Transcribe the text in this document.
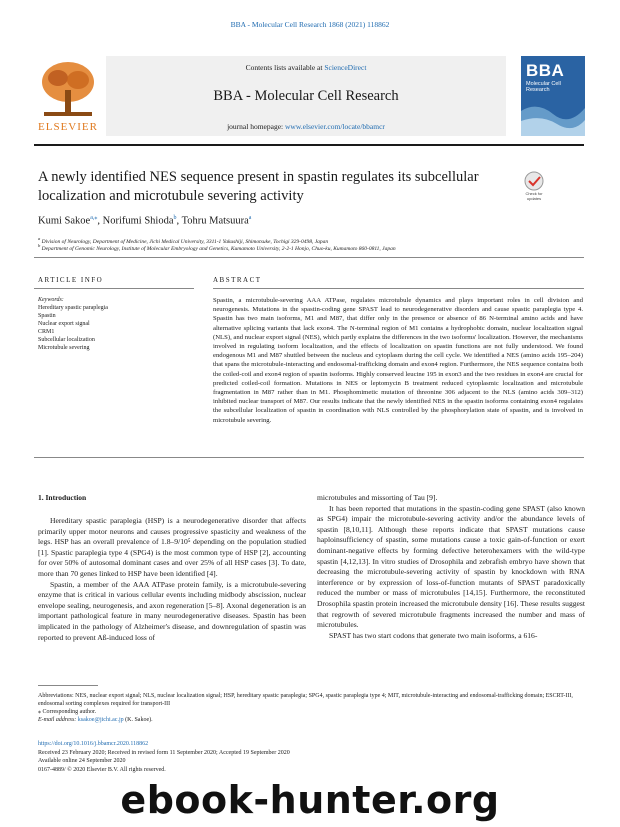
BBA - Molecular Cell Research 1868 (2021) 118862
ELSEVIER
Contents lists available at ScienceDirect
BBA - Molecular Cell Research
journal homepage: www.elsevier.com/locate/bbamcr
BBA
Molecular Cell Research
A newly identified NES sequence present in spastin regulates its subcellular localization and microtubule severing activity	Check for updates
Kumi Sakoe$^{a,⁎}$, Norifumi Shioda$^b$, Tohru Matsuura$^a$
$^a$ Division of Neurology, Department of Medicine, Jichi Medical University, 3311-1 Yakushiji, Shimotsuke, Tochigi 329-0498, Japan
$^b$ Department of Genomic Neurology, Institute of Molecular Embryology and Genetics, Kumamoto University, 2-2-1 Honjo, Chuo-ku, Kumamoto 860-0811, Japan
ARTICLE INFO	ABSTRACT
Keywords:
Hereditary spastic paraplegia
Spastin
Nuclear export signal
CRM1
Subcellular localization
Microtubule severing
Spastin, a microtubule-severing AAA ATPase, regulates microtubule dynamics and plays important roles in cell division and neurogenesis. Mutations in the spastin-coding gene SPAST lead to neurodegenerative disorders and cause spastic paraplegia type 4. Spastin has two main isoforms, M1 and M87, that differ only in the presence or absence of 86 N-terminal amino acids and have alternative splicing variants that lack exon4. The N-terminal region of M1 contains a hydrophobic domain, nuclear localization signal (NLS), and nuclear export signal (NES), which partly explains the differences in the two isoforms' localization. However, the mechanisms involved in regulating isoform localization, and the effects of localization on spastin functions are not fully understood. We found endogenous M1 and M87 shuttled between the nucleus and cytoplasm during the cell cycle. We identified a NES (amino acids 195–204) that spans the microtubule-interacting and endosomal-trafficking domain and exon4 region. Furthermore, the NES sequence contains both the coiled-coil and exon4 region of spastin isoforms. Highly conserved leucine 195 in exon3 and the two residues in exon4 are crucial for predicted coiled-coil formation. Mutations in NES or leptomycin B treatment reduced cytoplasmic localization and microtubule fragmentation in M87 rather than in M1. Phosphomimetic mutation of threonine 306 adjacent to the NLS (amino acids 309–312) inhibited nuclear transport of M87. Our results indicate that the newly identified NES in the spastin isoforms containing exon4 regulates the subcellular localization of spastin in coordination with NLS controlled by the phosphorylation state of spastin, and is involved in microtubule severing.
1. Introduction

Hereditary spastic paraplegia (HSP) is a neurodegenerative disorder that affects primarily upper motor neurons and causes progressive spasticity and weakness of the legs. HSP has an overall prevalence of 1.8–9/10⁵ depending on the population studied [1]. Spastic paraplegia type 4 (SPG4) is the most common type of HSP [2], accounting for over 50% of autosomal dominant cases and over 25% of all HSP cases [3]. To date, more than 70 genes linked to HSP have been identified [4].

Spastin, a member of the AAA ATPase protein family, is a microtubule-severing enzyme that is critical in various cellular events including midbody abscission, nuclear envelope sealing, neurogenesis, and axon regeneration [5–8]. Axonal degeneration is an important pathological feature in many neurodegenerative diseases. Spastin has been implicated in the pathology of Alzheimer's disease, and downregulation of spastin was reported to prevent Aß-induced loss of

microtubules and missorting of Tau [9].

It has been reported that mutations in the spastin-coding gene SPAST (also known as SPG4) impair the microtubule-severing activity and/or the abundance levels of spastin [8,10,11]. Although these reports indicate that SPAST mutations cause haploinsufficiency of spastin, some mutations cause a toxic gain-of-function or exert dominant-negative effects by forming defective heterohexamers with the wild-type spastin [4,12,13]. In vitro studies of Drosophila and zebrafish embryo have shown that decreasing the microtubule-severing activity of spastin by knockdown with RNA interference or by expression of loss-of-function mutants of SPAST paradoxically reduced the number or mass of microtubules [14,15]. Furthermore, the reconstituted Drosophila spastin protein increased the microtubule density [16]. These results suggest that regrowth of severed microtubule fragments increased the number and mass of microtubules.

SPAST has two start codons that generate two main isoforms, a 616-

Abbreviations: NES, nuclear export signal; NLS, nuclear localization signal; HSP, hereditary spastic paraplegia; SPG4, spastic paraplegia type 4; MIT, microtubule-interacting and endosomal-trafficking domain; ESCRT-III, endosomal sorting complexes required for transport-III

⁎ Corresponding author.

E-mail address: ksakoe@jichi.ac.jp (K. Sakoe).

https://doi.org/10.1016/j.bbamcr.2020.118862

Received 23 February 2020; Received in revised form 11 September 2020; Accepted 19 September 2020

Available online 24 September 2020

0167-4889/ © 2020 Elsevier B.V. All rights reserved.

ebook-hunter.org
